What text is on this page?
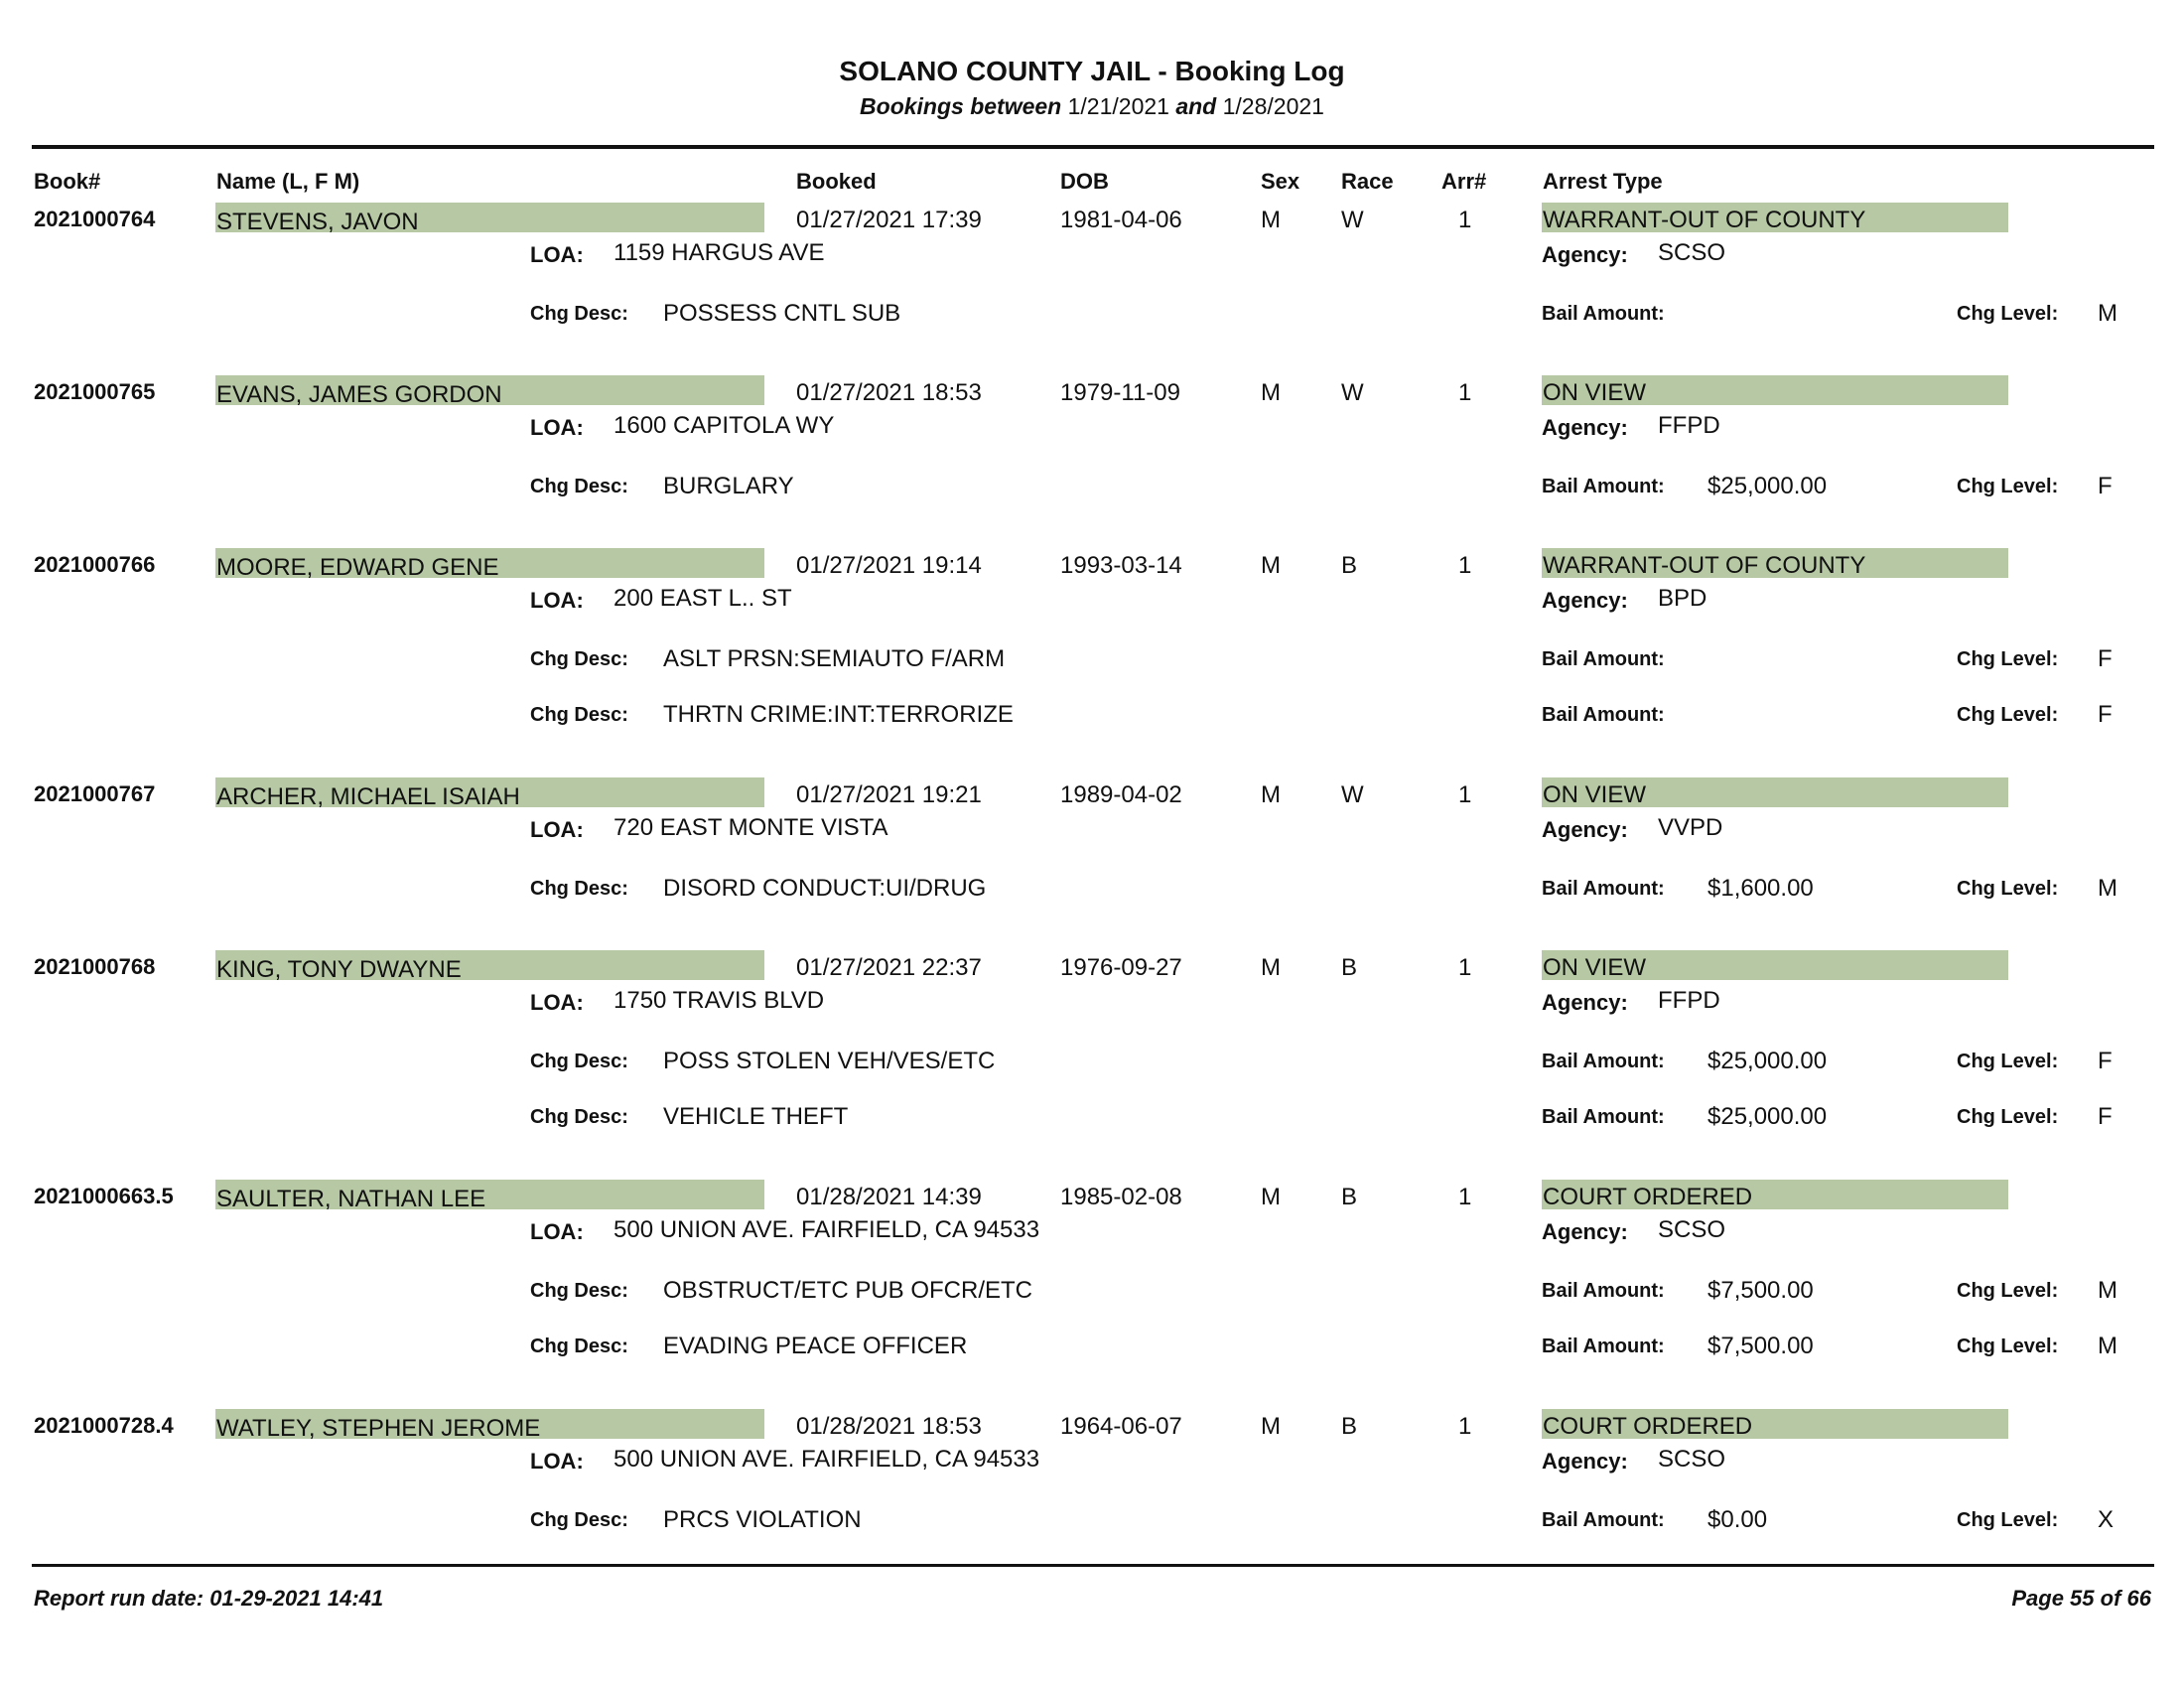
SOLANO COUNTY JAIL - Booking Log
Bookings between 1/21/2021 and 1/28/2021
Book#	Name (L, F M)	Booked	DOB	Sex Race Arr#	Arrest Type
2021000764	STEVENS, JAVON	01/27/2021 17:39	1981-04-06	M	W	1	WARRANT-OUT OF COUNTY
LOA: 1159 HARGUS AVE	Agency: SCSO
Chg Desc: POSSESS CNTL SUB	Bail Amount:	Chg Level: M
2021000765	EVANS, JAMES GORDON	01/27/2021 18:53	1979-11-09	M	W	1	ON VIEW
LOA: 1600 CAPITOLA WY	Agency: FFPD
Chg Desc: BURGLARY	Bail Amount: $25,000.00	Chg Level: F
2021000766	MOORE, EDWARD GENE	01/27/2021 19:14	1993-03-14	M	B	1	WARRANT-OUT OF COUNTY
LOA: 200 EAST L.. ST	Agency: BPD
Chg Desc: ASLT PRSN:SEMIAUTO F/ARM	Bail Amount:	Chg Level: F
Chg Desc: THRTN CRIME:INT:TERRORIZE	Bail Amount:	Chg Level: F
2021000767	ARCHER, MICHAEL ISAIAH	01/27/2021 19:21	1989-04-02	M	W	1	ON VIEW
LOA: 720 EAST MONTE VISTA	Agency: VVPD
Chg Desc: DISORD CONDUCT:UI/DRUG	Bail Amount: $1,600.00	Chg Level: M
2021000768	KING, TONY DWAYNE	01/27/2021 22:37	1976-09-27	M	B	1	ON VIEW
LOA: 1750 TRAVIS BLVD	Agency: FFPD
Chg Desc: POSS STOLEN VEH/VES/ETC	Bail Amount: $25,000.00	Chg Level: F
Chg Desc: VEHICLE THEFT	Bail Amount: $25,000.00	Chg Level: F
2021000663.5 SAULTER, NATHAN LEE	01/28/2021 14:39	1985-02-08	M	B	1	COURT ORDERED
LOA: 500 UNION AVE. FAIRFIELD, CA 94533	Agency: SCSO
Chg Desc: OBSTRUCT/ETC PUB OFCR/ETC	Bail Amount: $7,500.00	Chg Level: M
Chg Desc: EVADING PEACE OFFICER	Bail Amount: $7,500.00	Chg Level: M
2021000728.4 WATLEY, STEPHEN JEROME	01/28/2021 18:53	1964-06-07	M	B	1	COURT ORDERED
LOA: 500 UNION AVE. FAIRFIELD, CA 94533	Agency: SCSO
Chg Desc: PRCS VIOLATION	Bail Amount: $0.00	Chg Level: X
Report run date: 01-29-2021 14:41	Page 55 of 66
